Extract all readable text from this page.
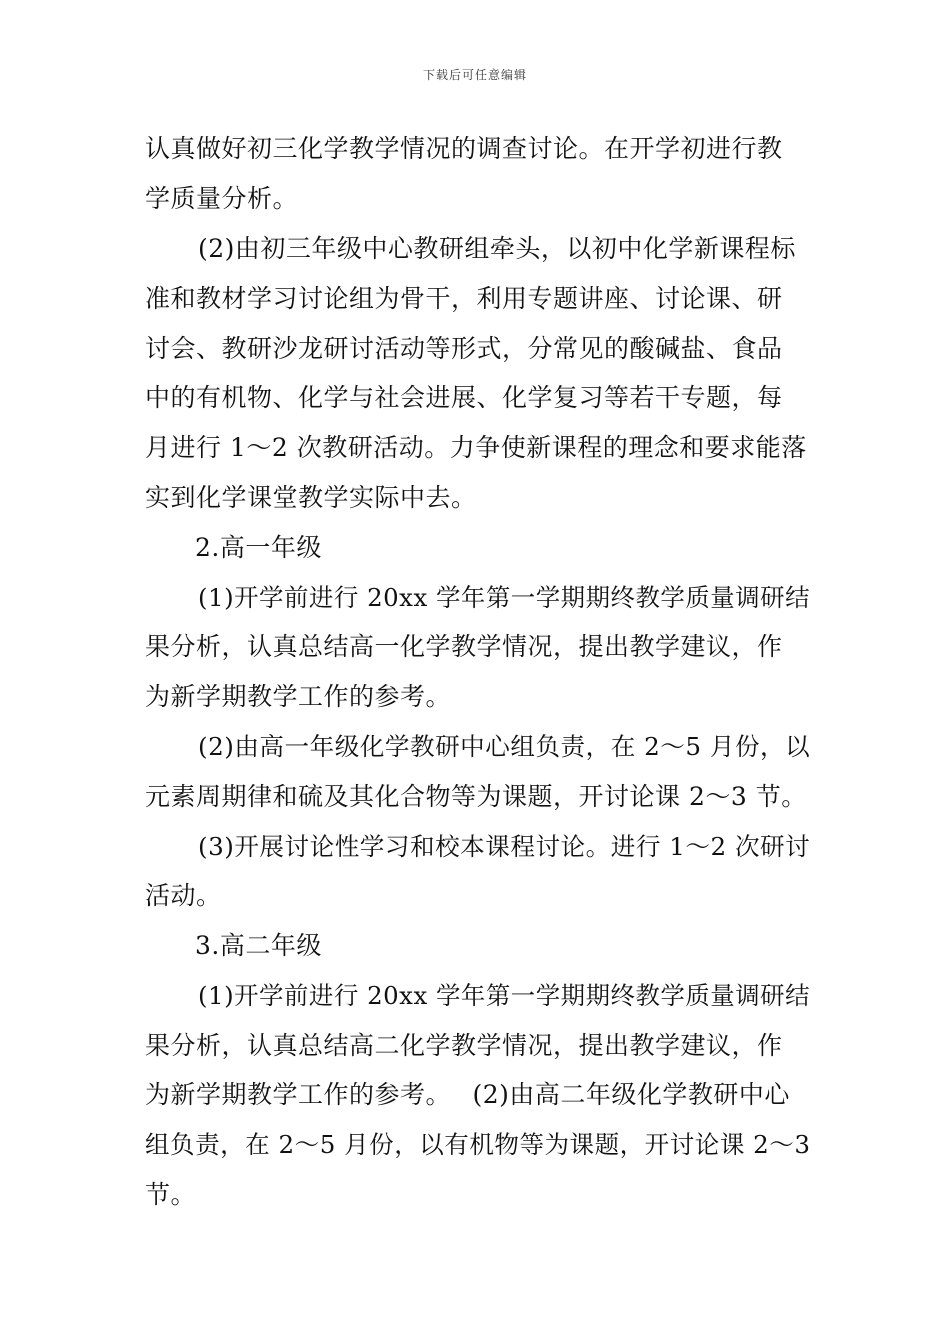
下载后可任意编辑
认真做好初三化学教学情况的调查讨论。在开学初进行教
学质量分析。
(2)由初三年级中心教研组牵头，以初中化学新课程标
准和教材学习讨论组为骨干，利用专题讲座、讨论课、研
讨会、教研沙龙研讨活动等形式，分常见的酸碱盐、食品
中的有机物、化学与社会进展、化学复习等若干专题，每
月进行 1～2 次教研活动。力争使新课程的理念和要求能落
实到化学课堂教学实际中去。
2.高一年级
(1)开学前进行 20xx 学年第一学期期终教学质量调研结
果分析，认真总结高一化学教学情况，提出教学建议，作
为新学期教学工作的参考。
(2)由高一年级化学教研中心组负责，在 2～5 月份，以
元素周期律和硫及其化合物等为课题，开讨论课 2～3 节。
(3)开展讨论性学习和校本课程讨论。进行 1～2 次研讨
活动。
3.高二年级
(1)开学前进行 20xx 学年第一学期期终教学质量调研结
果分析，认真总结高二化学教学情况，提出教学建议，作
为新学期教学工作的参考。　 (2)由高二年级化学教研中心
组负责，在 2～5 月份，以有机物等为课题，开讨论课 2～3
节。
